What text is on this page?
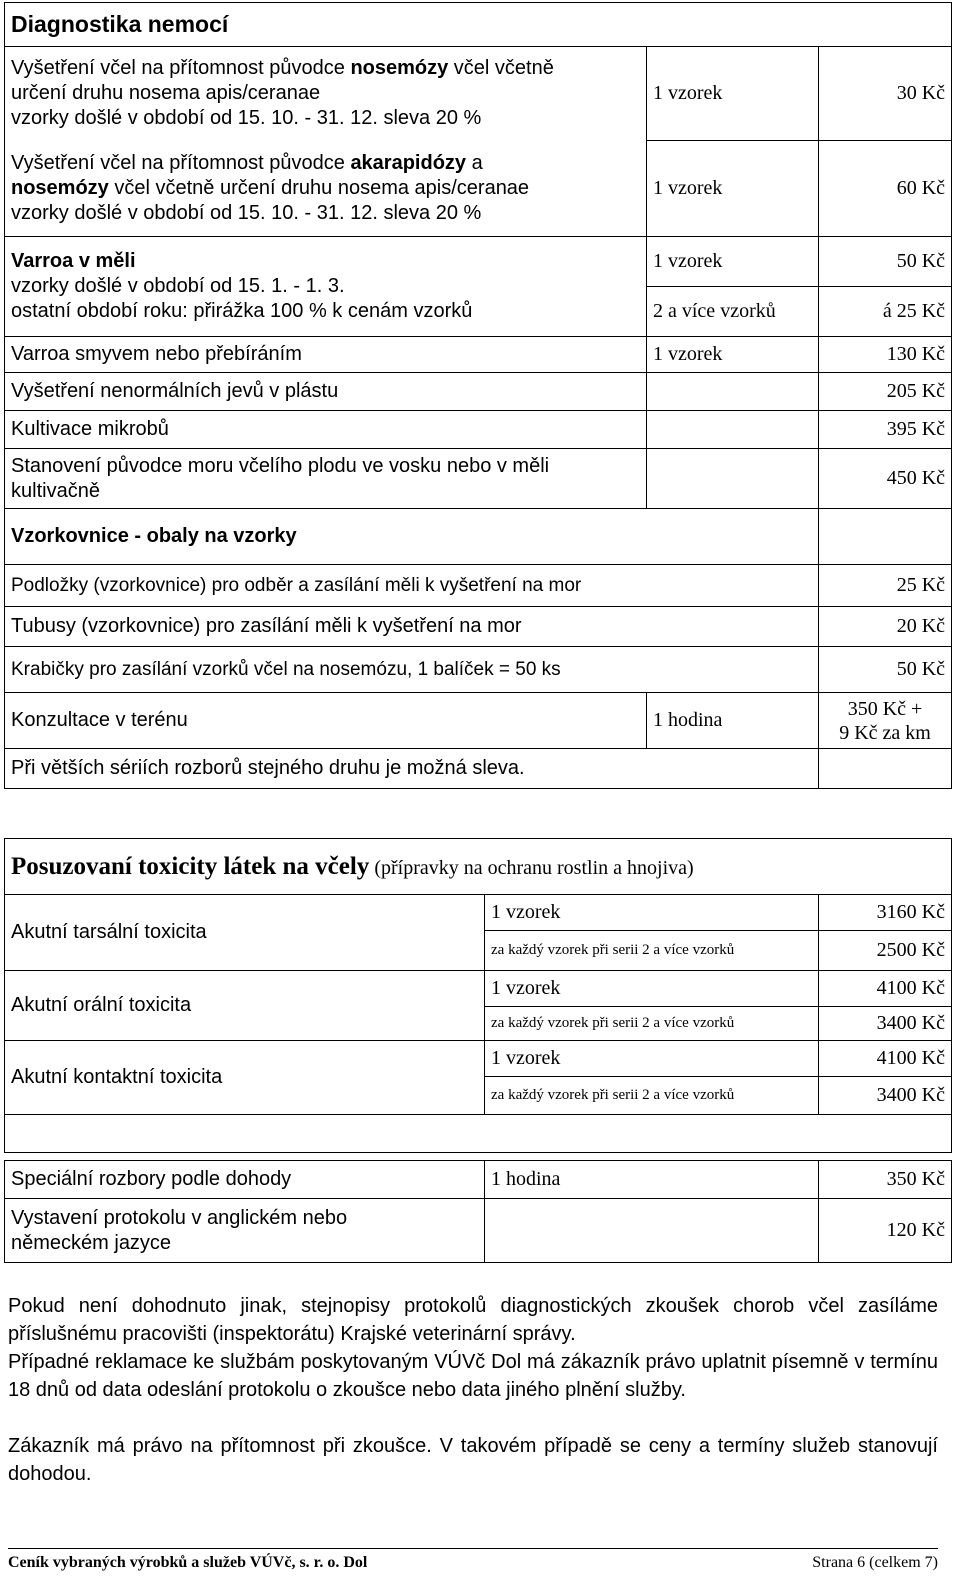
Diagnostika nemocí		

Vyšetření včel na přítomnost původce nosemózy včel včetně
určení druhu nosema apis/ceranae
vzorky došlé v období od 15. 10. - 31. 12. sleva 20 %	1 vzorek	30 Kč

Vyšetření včel na přítomnost původce akarapidózy a
nosemózy včel včetně určení druhu nosema apis/ceranae
vzorky došlé v období od 15. 10. - 31. 12. sleva 20 %	1 vzorek	60 Kč

Varroa v měli
vzorky došlé v období od 15. 1. - 1. 3.
ostatní období roku: přirážka 100 % k cenám vzorků	1 vzorek	50 Kč
	2 a více vzorků	á 25 Kč
Varroa smyvem nebo přebíráním	1 vzorek	130 Kč
Vyšetření nenormálních jevů v plástu		205 Kč
Kultivace mikrobů		395 Kč

Stanovení původce moru včelího plodu ve vosku nebo v měli
kultivačně		450 Kč
Vzorkovnice - obaly na vzorky		
Podložky (vzorkovnice) pro odběr a zasílání měli k vyšetření na mor		25 Kč
Tubusy (vzorkovnice) pro zasílání měli k vyšetření na mor		20 Kč
Krabičky pro zasílání vzorků včel na nosemózu, 1 balíček = 50 ks		50 Kč
Konzultace v terénu	1 hodina	350 Kč +
9 Kč za km

Při větších sériích rozborů stejného druhu je možná sleva.		
Posuzovaní toxicity látek na včely (přípravky na ochranu rostlin a hnojiva)		
Akutní tarsální toxicita	1 vzorek	3160 Kč
	za každý vzorek při serii 2 a více vzorků	2500 Kč
Akutní orální toxicita	1 vzorek	4100 Kč
	za každý vzorek při serii 2 a více vzorků	3400 Kč
Akutní kontaktní toxicita	1 vzorek	4100 Kč
	za každý vzorek při serii 2 a více vzorků	3400 Kč

Speciální rozbory podle dohody	1 hodina	350 Kč

Vystavení protokolu v anglickém nebo
německém jazyce		120 Kč
Pokud není dohodnuto jinak, stejnopisy protokolů diagnostických zkoušek chorob včel zasíláme příslušnému pracovišti (inspektorátu) Krajské veterinární správy.
Případné reklamace ke službám poskytovaným VÚVč Dol má zákazník právo uplatnit písemně v termínu 18 dnů od data odeslání protokolu o zkoušce nebo data jiného plnění služby.
Zákazník má právo na přítomnost při zkoušce. V takovém případě se ceny a termíny služeb stanovují dohodou.
Ceník vybraných výrobků a služeb VÚVč, s. r. o. Dol	Strana 6 (celkem 7)
